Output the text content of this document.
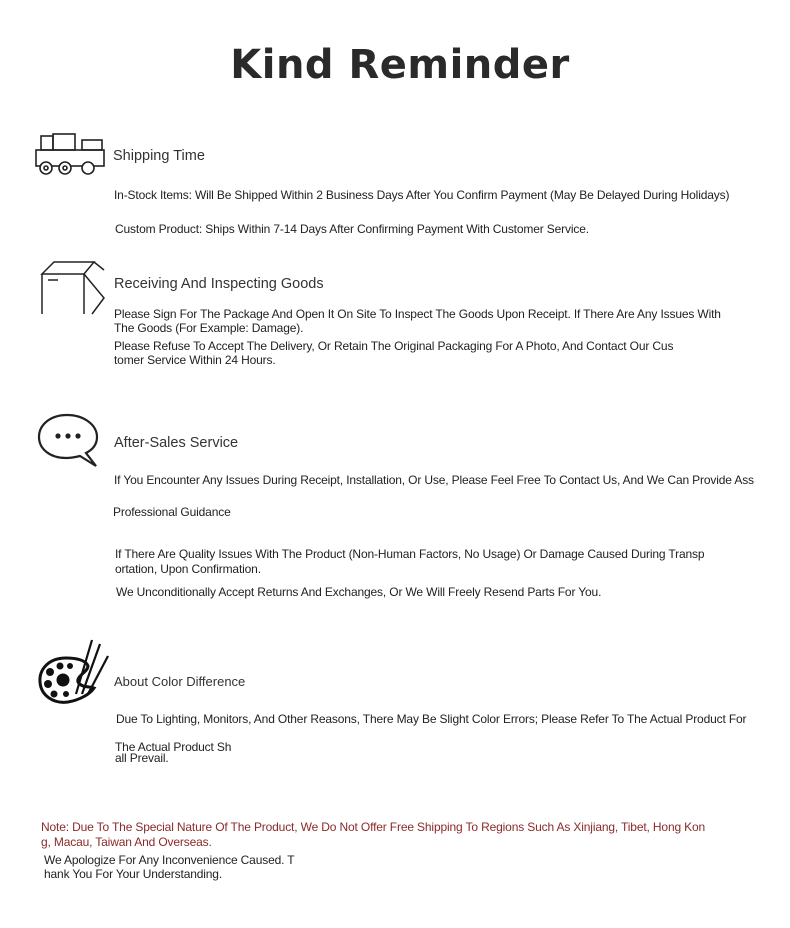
Kind Reminder
Shipping Time
In-Stock Items: Will Be Shipped Within 2 Business Days After You Confirm Payment (May Be Delayed During Holidays)
Custom Product: Ships Within 7-14 Days After Confirming Payment With Customer Service.
Receiving And Inspecting Goods
Please Sign For The Package And Open It On Site To Inspect The Goods Upon Receipt. If There Are Any Issues With
The Goods (For Example: Damage).
Please Refuse To Accept The Delivery, Or Retain The Original Packaging For A Photo, And Contact Our Cus
tomer Service Within 24 Hours.
After-Sales Service
If You Encounter Any Issues During Receipt, Installation, Or Use, Please Feel Free To Contact Us, And We Can Provide Ass
Professional Guidance
If There Are Quality Issues With The Product (Non-Human Factors, No Usage) Or Damage Caused During Transp
ortation, Upon Confirmation.
We Unconditionally Accept Returns And Exchanges, Or We Will Freely Resend Parts For You.
About Color Difference
Due To Lighting, Monitors, And Other Reasons, There May Be Slight Color Errors; Please Refer To The Actual Product For
The Actual Product Sh
all Prevail.
Note: Due To The Special Nature Of The Product, We Do Not Offer Free Shipping To Regions Such As Xinjiang, Tibet, Hong Kon
g, Macau, Taiwan And Overseas.
We Apologize For Any Inconvenience Caused. T
hank You For Your Understanding.
